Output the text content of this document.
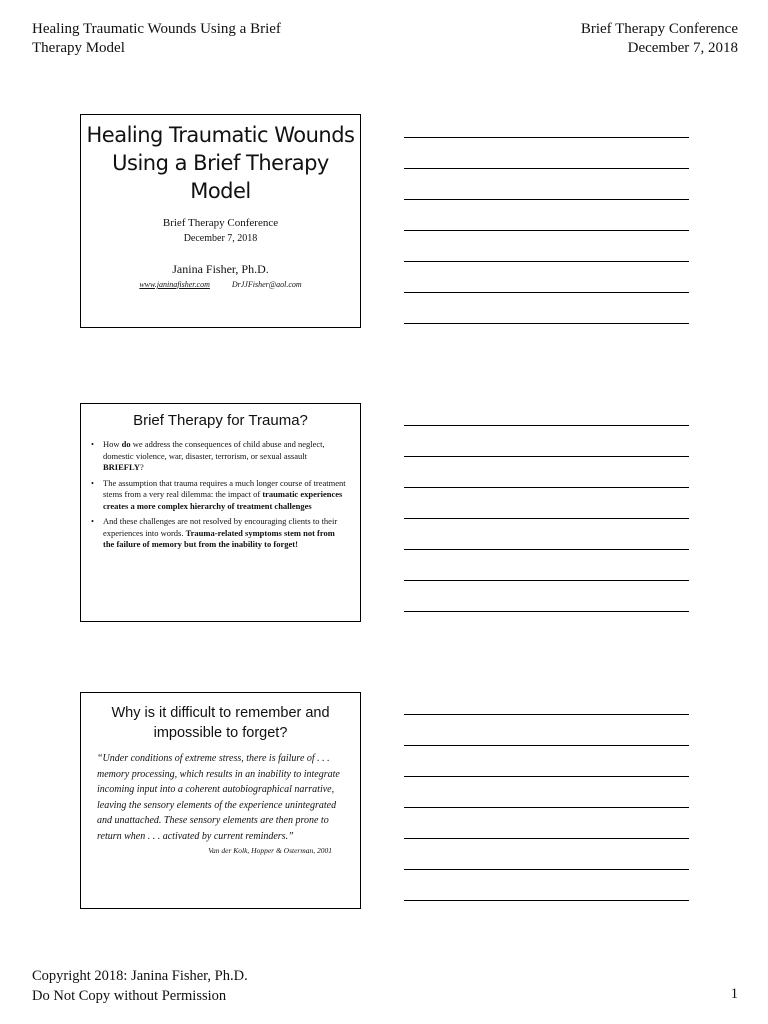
Healing Traumatic Wounds Using a Brief
Therapy Model
Brief Therapy Conference
December 7, 2018
Healing Traumatic Wounds Using a Brief Therapy Model
Brief Therapy Conference
December 7, 2018
Janina Fisher, Ph.D.
www.janinafisher.com	DrJJFisher@aol.com
Brief Therapy for Trauma?
• How do we address the consequences of child abuse and neglect, domestic violence, war, disaster, terrorism, or sexual assault BRIEFLY?
• The assumption that trauma requires a much longer course of treatment stems from a very real dilemma: the impact of traumatic experiences creates a more complex hierarchy of treatment challenges
• And these challenges are not resolved by encouraging clients to their experiences into words. Trauma-related symptoms stem not from the failure of memory but from the inability to forget!
Why is it difficult to remember and impossible to forget?
“Under conditions of extreme stress, there is failure of . . . memory processing, which results in an inability to integrate incoming input into a coherent autobiographical narrative, leaving the sensory elements of the experience unintegrated and unattached. These sensory elements are then prone to return when . . . activated by current reminders.”
Van der Kolk, Hopper & Osterman, 2001
Copyright 2018: Janina Fisher, Ph.D.
Do Not Copy without Permission	1
